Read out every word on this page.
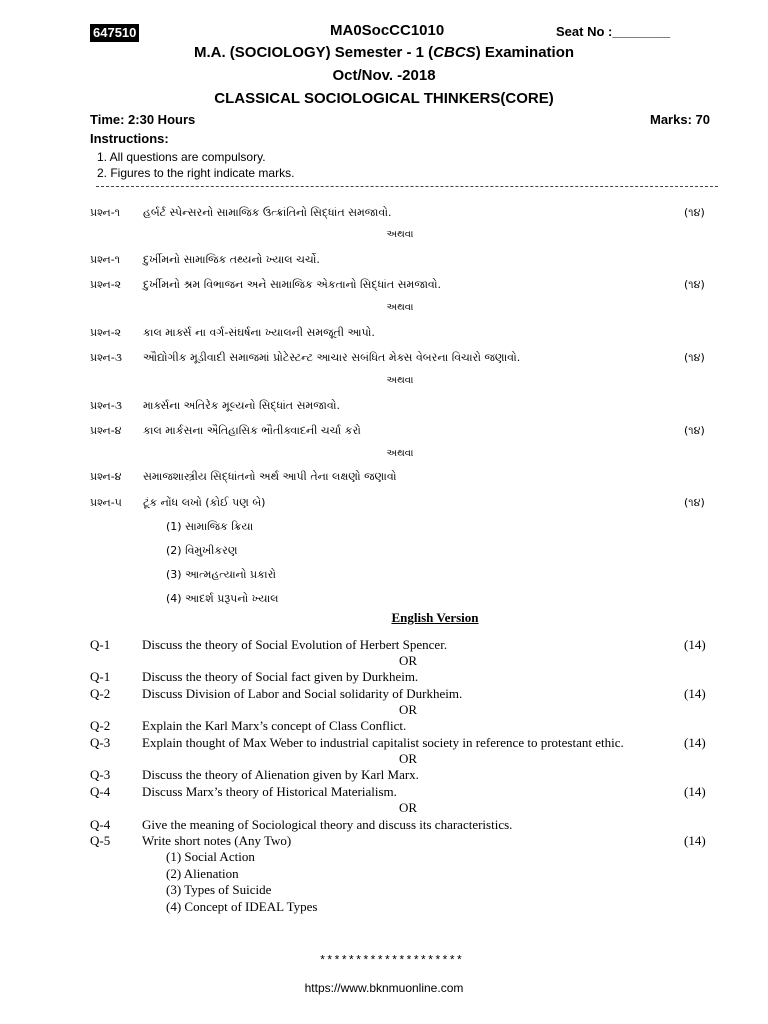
647510	MA0SocCC1010	Seat No :________
M.A. (SOCIOLOGY) Semester - 1 (CBCS) Examination
Oct/Nov. -2018
CLASSICAL SOCIOLOGICAL THINKERS(CORE)
Time: 2:30 Hours	Marks: 70
Instructions:
1. All questions are compulsory.
2. Figures to the right indicate marks.
પ્રશ્ન-૧ હર્બર્ટ સ્પેન્સરનો સામાજિક ઉત્ક્રાંતિનો સિદ્ધાંત સમજાવો.	(૧૪)
અથવા
પ્રશ્ન-૧ દુર્ખીમનો સામાજિક તથ્યનો ખ્યાલ ચર્ચો.
પ્રશ્ન-૨ દુર્ખીમનો શ્રમ વિભાજન અને સામાજિક એકતાનો સિદ્ધાંત સમજાવો.	(૧૪)
અથવા
પ્રશ્ન-૨ કાલ માર્ક્સ ના વર્ગ-સંઘર્ષના ખ્યાલની સમજૂતી આપો.
પ્રશ્ન-૩ ઔદ્યોગીક મૂડીવાદી સમાજમાં પ્રોટેસ્ટન્ટ આચાર સબંધિત મેક્સ વેબરના વિચારો જણાવો.	(૧૪)
અથવા
પ્રશ્ન-૩ માર્ક્સના અતિરેક મૂલ્યનો સિદ્ધાંત સમજાવો.
પ્રશ્ન-૪ કાલ માર્કસના ઐતિહાસિક ભૌતીક્વાદની ચર્ચા કરો	(૧૪)
અથવા
પ્રશ્ન-૪ સમાજશાસ્ત્રીય સિદ્ધાંતનો અર્થ આપી તેના લક્ષણો જણાવો
પ્રશ્ન-૫ ટૂંક નોંધ લખો (કોઈ પણ બે)	(૧૪)
(1) સામાજિક ક્રિયા
(2) વિમુખીકરણ
(3) આત્મહત્યાનો પ્રકારો
(4) આદર્શ પ્રરૂપનો ખ્યાલ
English Version
Q-1 Discuss the theory of Social Evolution of Herbert Spencer.	(14)
OR
Q-1 Discuss the theory of Social fact given by Durkheim.
Q-2 Discuss Division of Labor and Social solidarity of Durkheim.	(14)
OR
Q-2 Explain the Karl Marx’s concept of Class Conflict.
Q-3 Explain thought of Max Weber to industrial capitalist society in reference to protestant ethic.	(14)
OR
Q-3 Discuss the theory of Alienation given by Karl Marx.
Q-4 Discuss Marx’s theory of Historical Materialism.	(14)
OR
Q-4 Give the meaning of Sociological theory and discuss its characteristics.
Q-5 Write short notes (Any Two)	(14)
(1) Social Action
(2) Alienation
(3) Types of Suicide
(4) Concept of IDEAL Types
********************
https://www.bknmuonline.com
